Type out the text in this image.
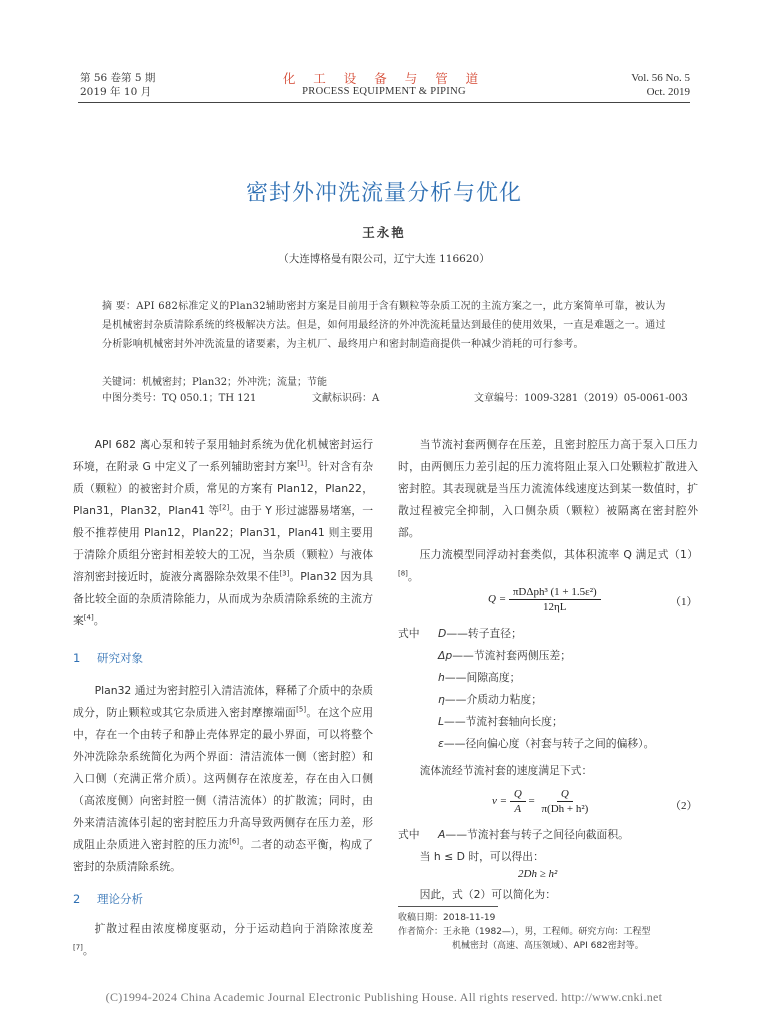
第 56 卷第 5 期
2019 年 10 月
化 工 设 备 与 管 道
PROCESS EQUIPMENT & PIPING
Vol. 56 No. 5
Oct. 2019
密封外冲洗流量分析与优化
王永艳
（大连博格曼有限公司，辽宁大连 116620）
摘 要：API 682标准定义的Plan32辅助密封方案是目前用于含有颗粒等杂质工况的主流方案之一，此方案简单可靠，被认为是机械密封杂质清除系统的终极解决方法。但是，如何用最经济的外冲洗流耗量达到最佳的使用效果，一直是难题之一。通过分析影响机械密封外冲洗流量的诸要素，为主机厂、最终用户和密封制造商提供一种减少消耗的可行参考。
关键词：机械密封；Plan32；外冲洗；流量；节能
中图分类号：TQ 050.1；TH 121	文献标识码：A	文章编号：1009-3281（2019）05-0061-003
API 682 离心泵和转子泵用轴封系统为优化机械密封运行环境，在附录 G 中定义了一系列辅助密封方案[1]。针对含有杂质（颗粒）的被密封介质，常见的方案有 Plan12，Plan22，Plan31，Plan32，Plan41 等[2]。由于 Y 形过滤器易堵塞，一般不推荐使用 Plan12，Plan22；Plan31，Plan41 则主要用于清除介质组分密封相差较大的工况，当杂质（颗粒）与液体溶剂密封接近时，旋液分离器除杂效果不佳[3]。Plan32 因为具备比较全面的杂质清除能力，从而成为杂质清除系统的主流方案[4]。
1 研究对象
Plan32 通过为密封腔引入清洁流体，释稀了介质中的杂质成分，防止颗粒或其它杂质进入密封摩擦端面[5]。在这个应用中，存在一个由转子和静止壳体界定的最小界面，可以将整个外冲洗除杂系统简化为两个界面：清洁流体一侧（密封腔）和入口侧（充满正常介质）。这两侧存在浓度差，存在由入口侧（高浓度侧）向密封腔一侧（清洁流体）的扩散流；同时，由外来清洁流体引起的密封腔压力升高导致两侧存在压力差，形成阻止杂质进入密封腔的压力流[6]。二者的动态平衡，构成了密封的杂质清除系统。
2 理论分析
扩散过程由浓度梯度驱动，分于运动趋向于消除浓度差[7]。
当节流衬套两侧存在压差，且密封腔压力高于泵入口压力时，由两侧压力差引起的压力流将阻止泵入口处颗粒扩散进入密封腔。其表现就是当压力流流体线速度达到某一数值时，扩散过程被完全抑制，入口侧杂质（颗粒）被隔离在密封腔外部。
压力流模型同浮动衬套类似，其体积流率 Q 满足式（1）[8]。
$Q = \frac{\text{πDΔph³ (1 + 1.5ε²)}}{12\eta L}$	（1）
式中 D——转子直径；
Δp——节流衬套两侧压差；
h——间隙高度；
η——介质动力粘度；
L——节流衬套轴向长度；
ε——径向偏心度（衬套与转子之间的偏移）。
流体流经节流衬套的速度满足下式：
$v = \frac{Q}{A} = \frac{Q}{\text{π(Dh + h²)}}$	（2）
式中 A——节流衬套与转子之间径向截面积。
当 h ≤ D 时，可以得出：
2Dh ≥ h²
因此，式（2）可以简化为：
收稿日期：2018-11-19
作者简介：王永艳（1982—），男，工程师。研究方向：工程型
机械密封（高速、高压领域）、API 682密封等。
(C)1994-2024 China Academic Journal Electronic Publishing House. All rights reserved. http://www.cnki.net
